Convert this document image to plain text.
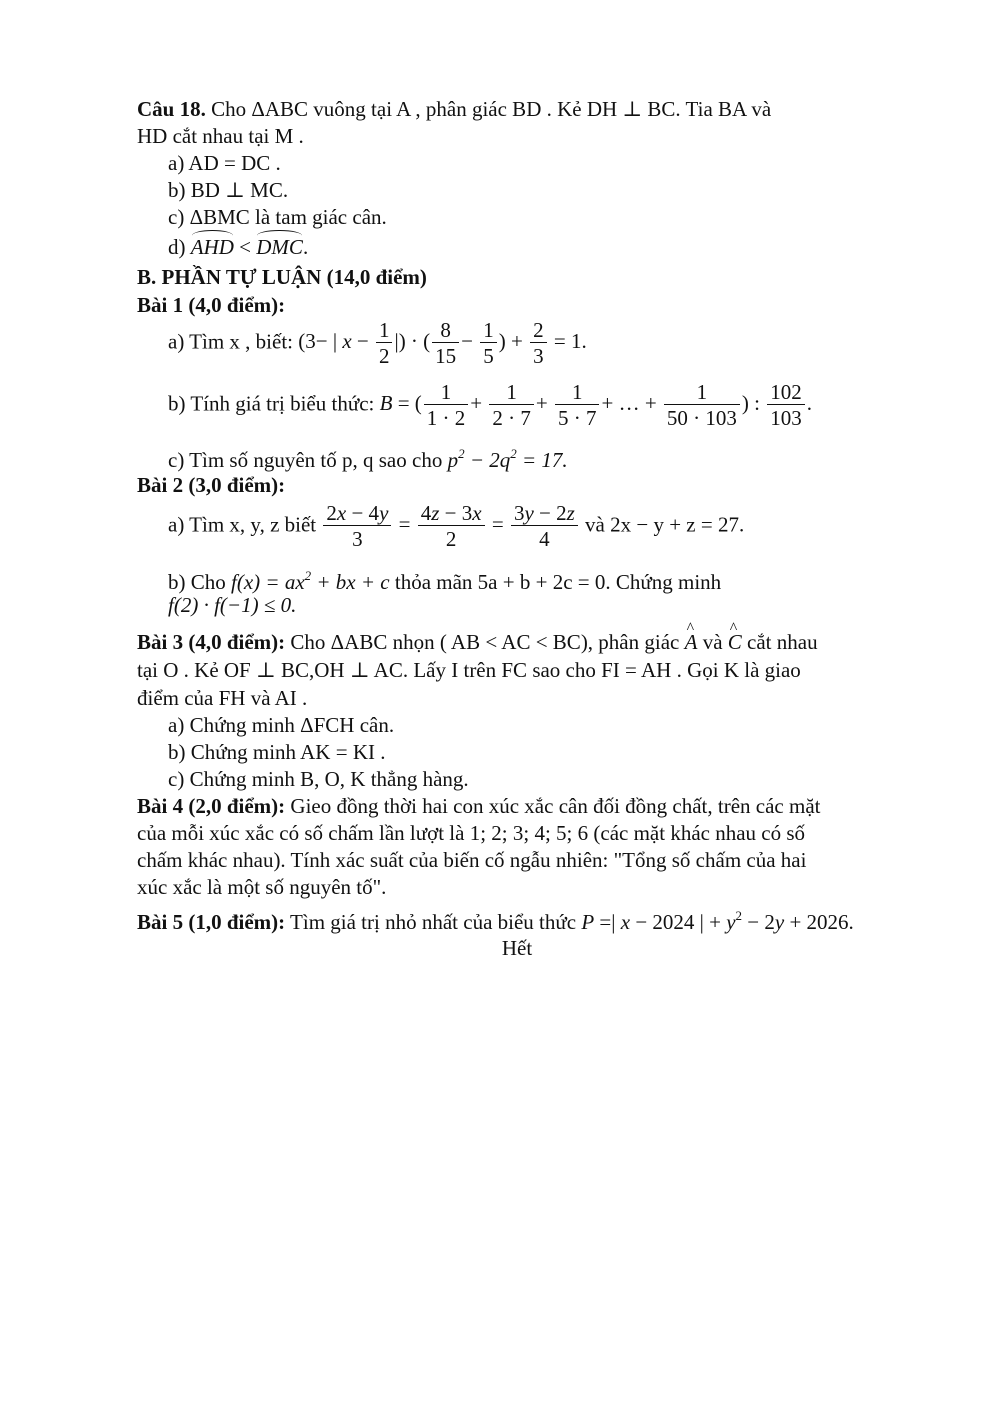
Câu 18. Cho ΔABC vuông tại A , phân giác BD . Kẻ DH ⊥ BC. Tia BA và
HD cắt nhau tại M .
a) AD = DC .
b) BD ⊥ MC.
c) ΔBMC là tam giác cân.
d) AHD < DMC.
B. PHẦN TỰ LUẬN (14,0 điểm)
Bài 1 (4,0 điểm):
a) Tìm x , biết: (3− | $x - \frac{1}{2}$ |) · ( $\frac{8}{15} - \frac{1}{5}$ ) + $\frac{2}{3} = 1$.
b) Tính giá trị biểu thức: B = ( $\frac{1}{1 \cdot 2} + \frac{1}{2 \cdot 7} + \frac{1}{5 \cdot 7}$ + … + $\frac{1}{50 \cdot 103}$ ) : $\frac{102}{103}$ .
c) Tìm số nguyên tố p, q sao cho $p^2 - 2q^2 = 17$.
Bài 2 (3,0 điểm):
a) Tìm x, y, z biết $\frac{2x - 4y}{3} = \frac{4z - 3x}{2} = \frac{3y - 2z}{4}$ và 2x − y + z = 27.
b) Cho $f(x) = ax^2$ + bx + c thỏa mãn 5a + b + 2c = 0. Chứng minh
f(2) · f(−1) ≤ 0.
Bài 3 (4,0 điểm): Cho ΔABC nhọn ( AB < AC < BC), phân giác ^ A và ^ C cắt nhau
tại O . Kẻ OF ⊥ BC,OH ⊥ AC. Lấy I trên FC sao cho FI = AH . Gọi K là giao
điểm của FH và AI .
a) Chứng minh ΔFCH cân.
b) Chứng minh AK = KI .
c) Chứng minh B, O, K thẳng hàng.
Bài 4 (2,0 điểm): Gieo đồng thời hai con xúc xắc cân đối đồng chất, trên các mặt
của mỗi xúc xắc có số chấm lần lượt là 1; 2; 3; 4; 5; 6 (các mặt khác nhau có số
chấm khác nhau). Tính xác suất của biến cố ngẫu nhiên: "Tổng số chấm của hai
xúc xắc là một số nguyên tố".
Bài 5 (1,0 điểm): Tìm giá trị nhỏ nhất của biểu thức P =| x − 2024 | + $y^2 - 2y + 2026$.
Hết
